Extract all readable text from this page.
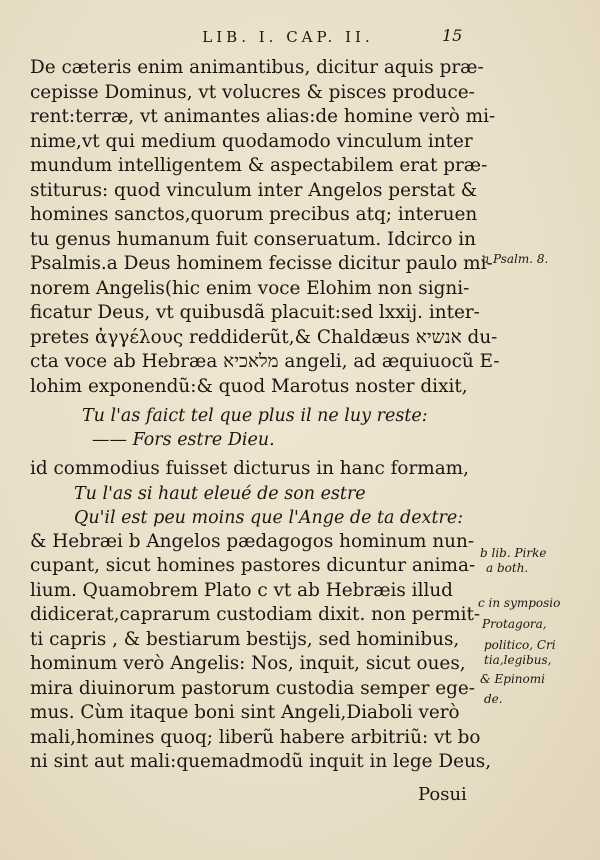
LIB. I. CAP. II.	15
De cæteris enim animantibus, dicitur aquis præ-
cepisse Dominus, vt volucres & pisces produce-
rent:terræ, vt animantes alias:de homine verò mi-
nime,vt qui medium quodamodo vinculum inter
mundum intelligentem & aspectabilem erat præ-
stiturus: quod vinculum inter Angelos perstat &
homines sanctos,quorum precibus atq; interuen
tu genus humanum fuit conseruatum. Idcirco in
Psalmis.a Deus hominem fecisse dicitur paulo mi-
norem Angelis(hic enim voce Elohim non signi-
ficatur Deus, vt quibusdã placuit:sed lxxij. inter-
pretes ἀγγέλους reddiderũt,& Chaldæus אנשיא du-
cta voce ab Hebræa מלאכיא angeli, ad æquiuocũ E-
lohim exponendũ:& quod Marotus noster dixit,
Tu l'as faict tel que plus il ne luy reste:
—— Fors estre Dieu.
id commodius fuisset dicturus in hanc formam,
Tu l'as si haut eleué de son estre
Qu'il est peu moins que l'Ange de ta dextre:
& Hebræi b Angelos pædagogos hominum nun-
cupant, sicut homines pastores dicuntur anima-
lium. Quamobrem Plato c vt ab Hebræis illud
didicerat,caprarum custodiam dixit. non permit-
ti capris , & bestiarum bestijs, sed hominibus,
hominum verò Angelis: Nos, inquit, sicut oues,
mira diuinorum pastorum custodia semper ege-
mus. Cùm itaque boni sint Angeli,Diaboli verò
mali,homines quoq; liberũ habere arbitriũ: vt bo
ni sint aut mali:quemadmodũ inquit in lege Deus,
a Psalm. 8.
b lib. Pirke
a both.
c in symposio
Protagora,
politico, Cri
tia,legibus,
& Epinomi
de.
Posui
